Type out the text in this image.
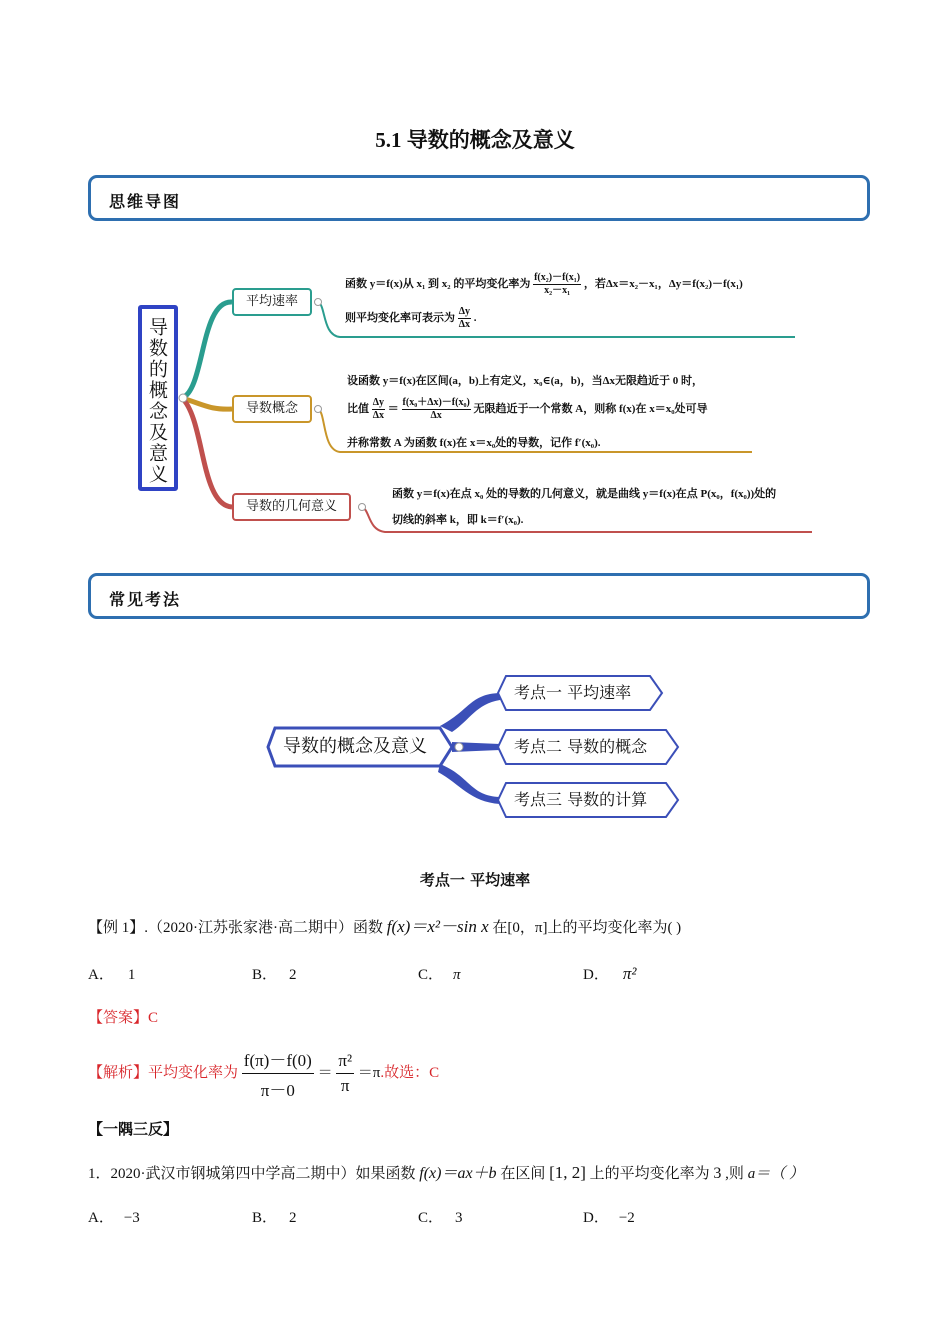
5.1 导数的概念及意义
思维导图
导数的概念及意义
平均速率
导数概念
导数的几何意义
函数 y＝f(x)从 x₁ 到 x₂ 的平均变化率为 $\frac{\text{f(x₂)－f(x₁)}}{\text{x₂－x₁}}$ ，若Δx＝x₂－x₁，Δy＝f(x₂)－f(x₁)
则平均变化率可表示为 $\frac{\Delta y}{\Delta x}$ .
设函数 y＝f(x)在区间(a，b)上有定义，x₀∈(a，b)，当Δx无限趋近于 0 时，
比值 $\frac{\Delta y}{\Delta x} = \frac{\text{f(x₀＋Δx)－f(x₀)}}{\Delta x}$ 无限趋近于一个常数 A，则称 f(x)在 x＝x₀处可导
并称常数 A 为函数 f(x)在 x＝x₀处的导数，记作 f′(x₀).
函数 y＝f(x)在点 x₀ 处的导数的几何意义，就是曲线 y＝f(x)在点 P(x₀，f(x₀))处的
切线的斜率 k，即 k＝f′(x₀).
常见考法
导数的概念及意义
考点一 平均速率
考点二 导数的概念
考点三 导数的计算
考点一 平均速率
【例 1】.（2020·江苏张家港·高二期中）函数 f(x)＝x²－sin x 在[0，π]上的平均变化率为( )
A． 1	B． 2	C． π	D． π²
【答案】C
【解析】平均变化率为 $\frac{f(\pi)-f(0)}{\pi-0} = \frac{\text{π²}}{\pi} =\pi$.故选：C
【一隅三反】
1．2020·武汉市钢城第四中学高二期中）如果函数 f(x)＝ax＋b 在区间 [1, 2] 上的平均变化率为 3 ,则 a＝（ ）
A． −3	B． 2	C． 3	D． −2
